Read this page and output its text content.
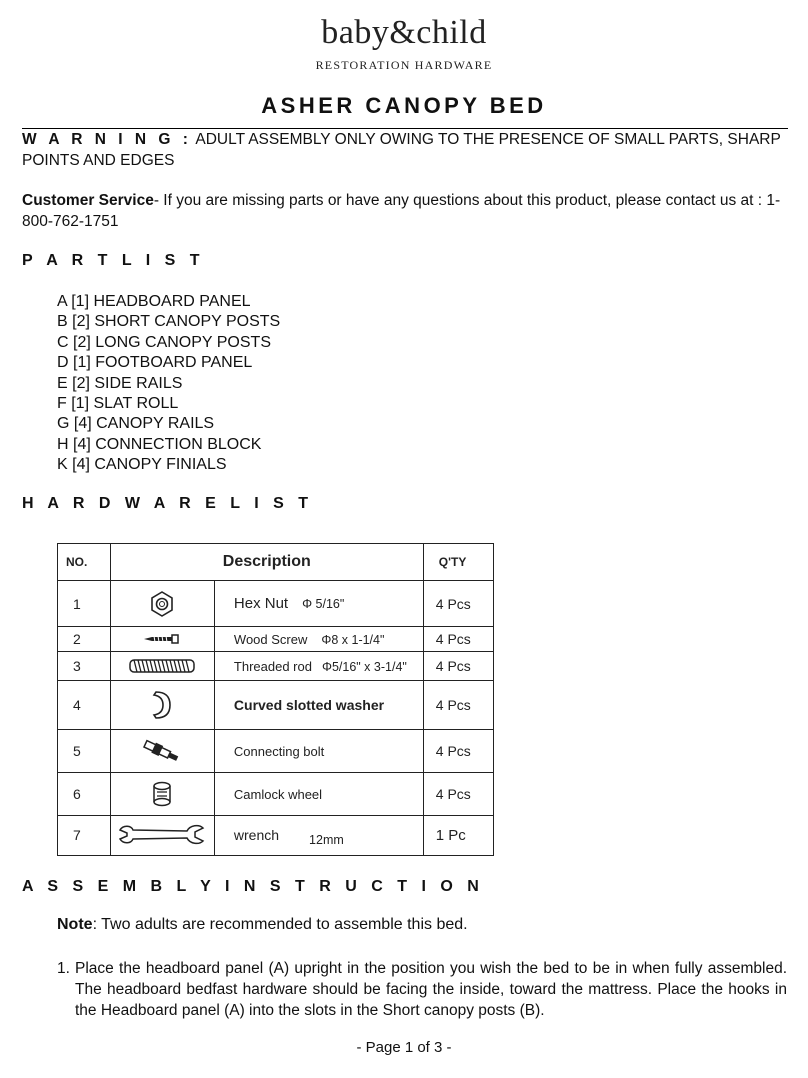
baby&child
RESTORATION HARDWARE
ASHER CANOPY BED
W A R N I N G : ADULT ASSEMBLY ONLY OWING TO THE PRESENCE OF SMALL PARTS, SHARP POINTS AND EDGES
Customer Service- If you are missing parts or have any questions about this product, please contact us at : 1-800-762-1751
P A R T L I S T
A [1] HEADBOARD PANEL
B [2] SHORT CANOPY POSTS
C [2] LONG CANOPY POSTS
D [1] FOOTBOARD PANEL
E [2] SIDE RAILS
F [1] SLAT ROLL
G [4] CANOPY RAILS
H [4] CONNECTION BLOCK
K [4] CANOPY FINIALS
H A R D W A R E L I S T
NO.	Description		Q'TY
1		Hex Nut Φ 5/16"	4 Pcs
2		Wood Screw Φ8 x 1-1/4"	4 Pcs
3		Threaded rod Φ5/16" x 3-1/4"	4 Pcs
4		Curved slotted washer	4 Pcs
5		Connecting bolt	4 Pcs
6		Camlock wheel	4 Pcs
7		wrench 12mm	1 Pc
A S S E M B L Y I N S T R U C T I O N
Note: Two adults are recommended to assemble this bed.
1. Place the headboard panel (A) upright in the position you wish the bed to be in when fully assembled. The headboard bedfast hardware should be facing the inside, toward the mattress. Place the hooks in the Headboard panel (A) into the slots in the Short canopy posts (B).
- Page 1 of 3 -
